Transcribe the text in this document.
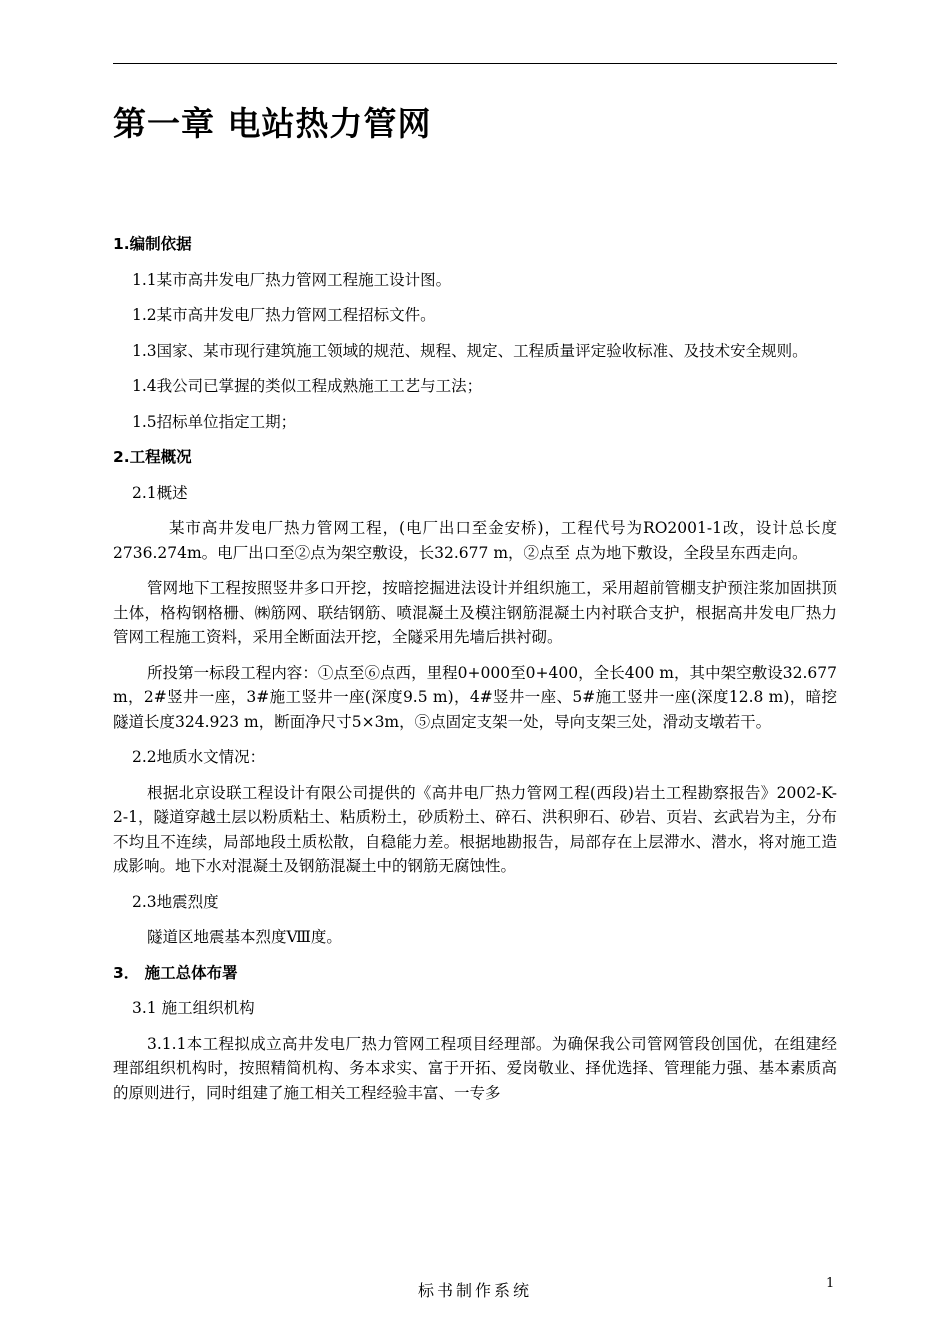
第一章 电站热力管网
1.编制依据

1.1某市高井发电厂热力管网工程施工设计图。

1.2某市高井发电厂热力管网工程招标文件。

1.3国家、某市现行建筑施工领域的规范、规程、规定、工程质量评定验收标准、及技术安全规则。

1.4我公司已掌握的类似工程成熟施工工艺与工法；

1.5招标单位指定工期；

2.工程概况

2.1概述

某市高井发电厂热力管网工程，(电厂出口至金安桥)，工程代号为RO2001-1改，设计总长度2736.274m。电厂出口至②点为架空敷设，长32.677 m，②点至 点为地下敷设，全段呈东西走向。

管网地下工程按照竖井多口开挖，按暗挖掘进法设计并组织施工，采用超前管棚支护预注浆加固拱顶土体，格构钢格栅、㈱筋网、联结钢筋、喷混凝土及模注钢筋混凝土内衬联合支护，根据高井发电厂热力管网工程施工资料，采用全断面法开挖，全隧采用先墙后拱衬砌。

所投第一标段工程内容：①点至⑥点西，里程0+000至0+400，全长400 m，其中架空敷设32.677 m，2#竖井一座，3#施工竖井一座(深度9.5 m)，4#竖井一座、5#施工竖井一座(深度12.8 m)，暗挖隧道长度324.923 m，断面净尺寸5×3m，⑤点固定支架一处，导向支架三处，滑动支墩若干。

2.2地质水文情况：

根据北京设联工程设计有限公司提供的《高井电厂热力管网工程(西段)岩土工程勘察报告》2002-K-2-1，隧道穿越土层以粉质粘土、粘质粉土，砂质粉土、碎石、洪积卵石、砂岩、页岩、玄武岩为主，分布不均且不连续，局部地段土质松散，自稳能力差。根据地勘报告，局部存在上层滞水、潜水，将对施工造成影响。地下水对混凝土及钢筋混凝土中的钢筋无腐蚀性。

2.3地震烈度

隧道区地震基本烈度Ⅷ度。

3． 施工总体布署

3.1 施工组织机构

3.1.1本工程拟成立高井发电厂热力管网工程项目经理部。为确保我公司管网管段创国优，在组建经理部组织机构时，按照精简机构、务本求实、富于开拓、爱岗敬业、择优选择、管理能力强、基本素质高的原则进行，同时组建了施工相关工程经验丰富、一专多

标书制作系统	1
